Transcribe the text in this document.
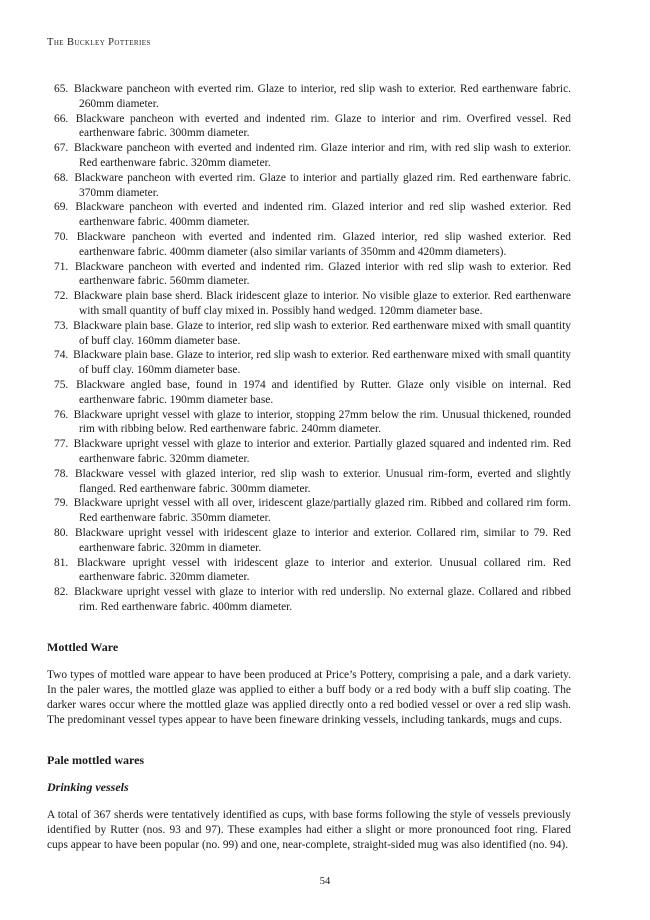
The Buckley Potteries
65. Blackware pancheon with everted rim. Glaze to interior, red slip wash to exterior. Red earthenware fabric. 260mm diameter.
66. Blackware pancheon with everted and indented rim. Glaze to interior and rim. Overfired vessel. Red earthenware fabric. 300mm diameter.
67. Blackware pancheon with everted and indented rim. Glaze interior and rim, with red slip wash to exterior. Red earthenware fabric. 320mm diameter.
68. Blackware pancheon with everted rim. Glaze to interior and partially glazed rim. Red earthenware fabric. 370mm diameter.
69. Blackware pancheon with everted and indented rim. Glazed interior and red slip washed exterior. Red earthenware fabric. 400mm diameter.
70. Blackware pancheon with everted and indented rim. Glazed interior, red slip washed exterior. Red earthenware fabric. 400mm diameter (also similar variants of 350mm and 420mm diameters).
71. Blackware pancheon with everted and indented rim. Glazed interior with red slip wash to exterior. Red earthenware fabric. 560mm diameter.
72. Blackware plain base sherd. Black iridescent glaze to interior. No visible glaze to exterior. Red earthenware with small quantity of buff clay mixed in. Possibly hand wedged. 120mm diameter base.
73. Blackware plain base. Glaze to interior, red slip wash to exterior. Red earthenware mixed with small quantity of buff clay. 160mm diameter base.
74. Blackware plain base. Glaze to interior, red slip wash to exterior. Red earthenware mixed with small quantity of buff clay. 160mm diameter base.
75. Blackware angled base, found in 1974 and identified by Rutter. Glaze only visible on internal. Red earthenware fabric. 190mm diameter base.
76. Blackware upright vessel with glaze to interior, stopping 27mm below the rim. Unusual thickened, rounded rim with ribbing below. Red earthenware fabric. 240mm diameter.
77. Blackware upright vessel with glaze to interior and exterior. Partially glazed squared and indented rim. Red earthenware fabric. 320mm diameter.
78. Blackware vessel with glazed interior, red slip wash to exterior. Unusual rim-form, everted and slightly flanged. Red earthenware fabric. 300mm diameter.
79. Blackware upright vessel with all over, iridescent glaze/partially glazed rim. Ribbed and collared rim form. Red earthenware fabric. 350mm diameter.
80. Blackware upright vessel with iridescent glaze to interior and exterior. Collared rim, similar to 79. Red earthenware fabric. 320mm in diameter.
81. Blackware upright vessel with iridescent glaze to interior and exterior. Unusual collared rim. Red earthenware fabric. 320mm diameter.
82. Blackware upright vessel with glaze to interior with red underslip. No external glaze. Collared and ribbed rim. Red earthenware fabric. 400mm diameter.
Mottled Ware

Two types of mottled ware appear to have been produced at Price’s Pottery, comprising a pale, and a dark variety. In the paler wares, the mottled glaze was applied to either a buff body or a red body with a buff slip coating. The darker wares occur where the mottled glaze was applied directly onto a red bodied vessel or over a red slip wash. The predominant vessel types appear to have been fineware drinking vessels, including tankards, mugs and cups.

Pale mottled wares
Drinking vessels

A total of 367 sherds were tentatively identified as cups, with base forms following the style of vessels previously identified by Rutter (nos. 93 and 97). These examples had either a slight or more pronounced foot ring. Flared cups appear to have been popular (no. 99) and one, near-complete, straight-sided mug was also identified (no. 94).

54
